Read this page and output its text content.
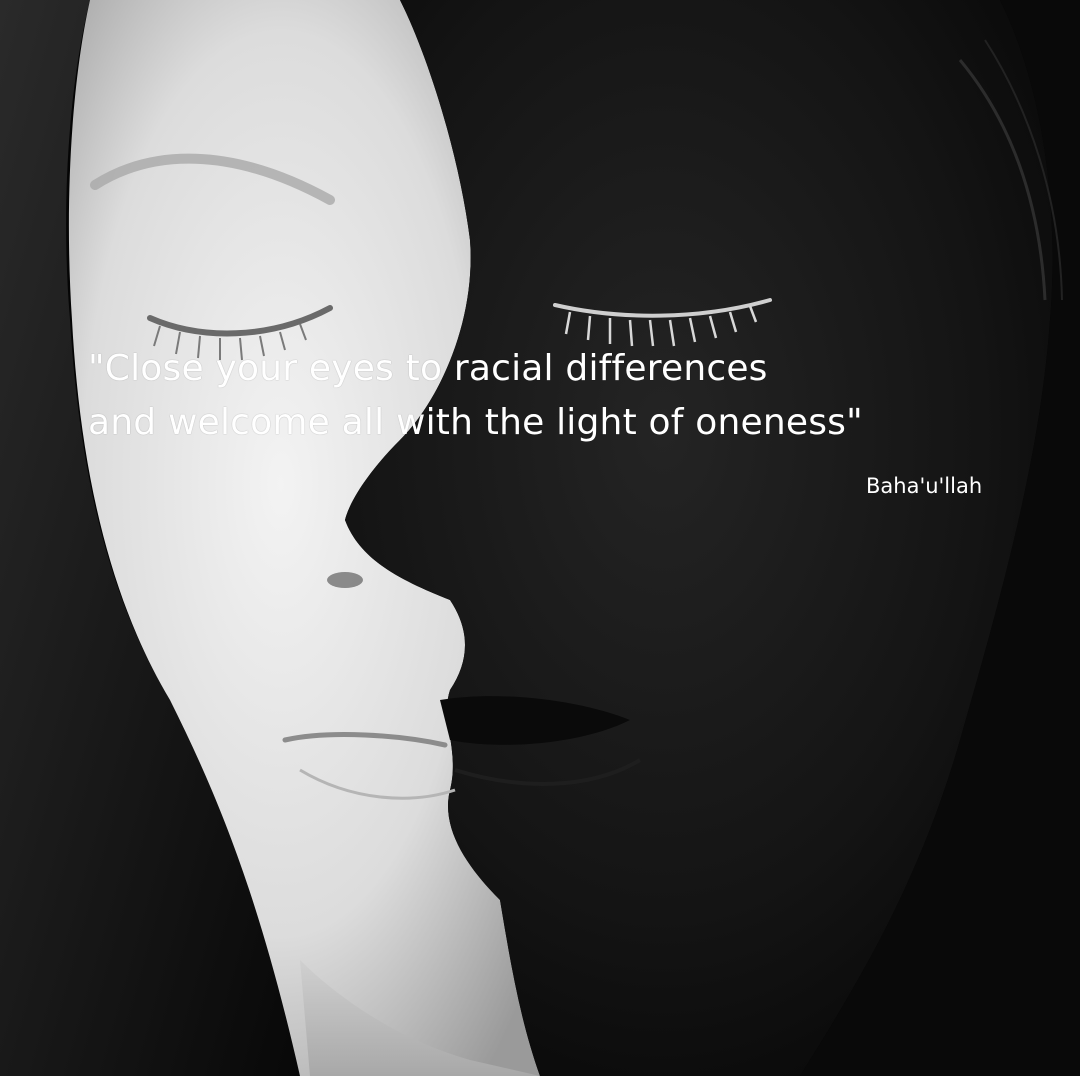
"Close your eyes to racial differences
and welcome all with the light of oneness"
Baha'u'llah
